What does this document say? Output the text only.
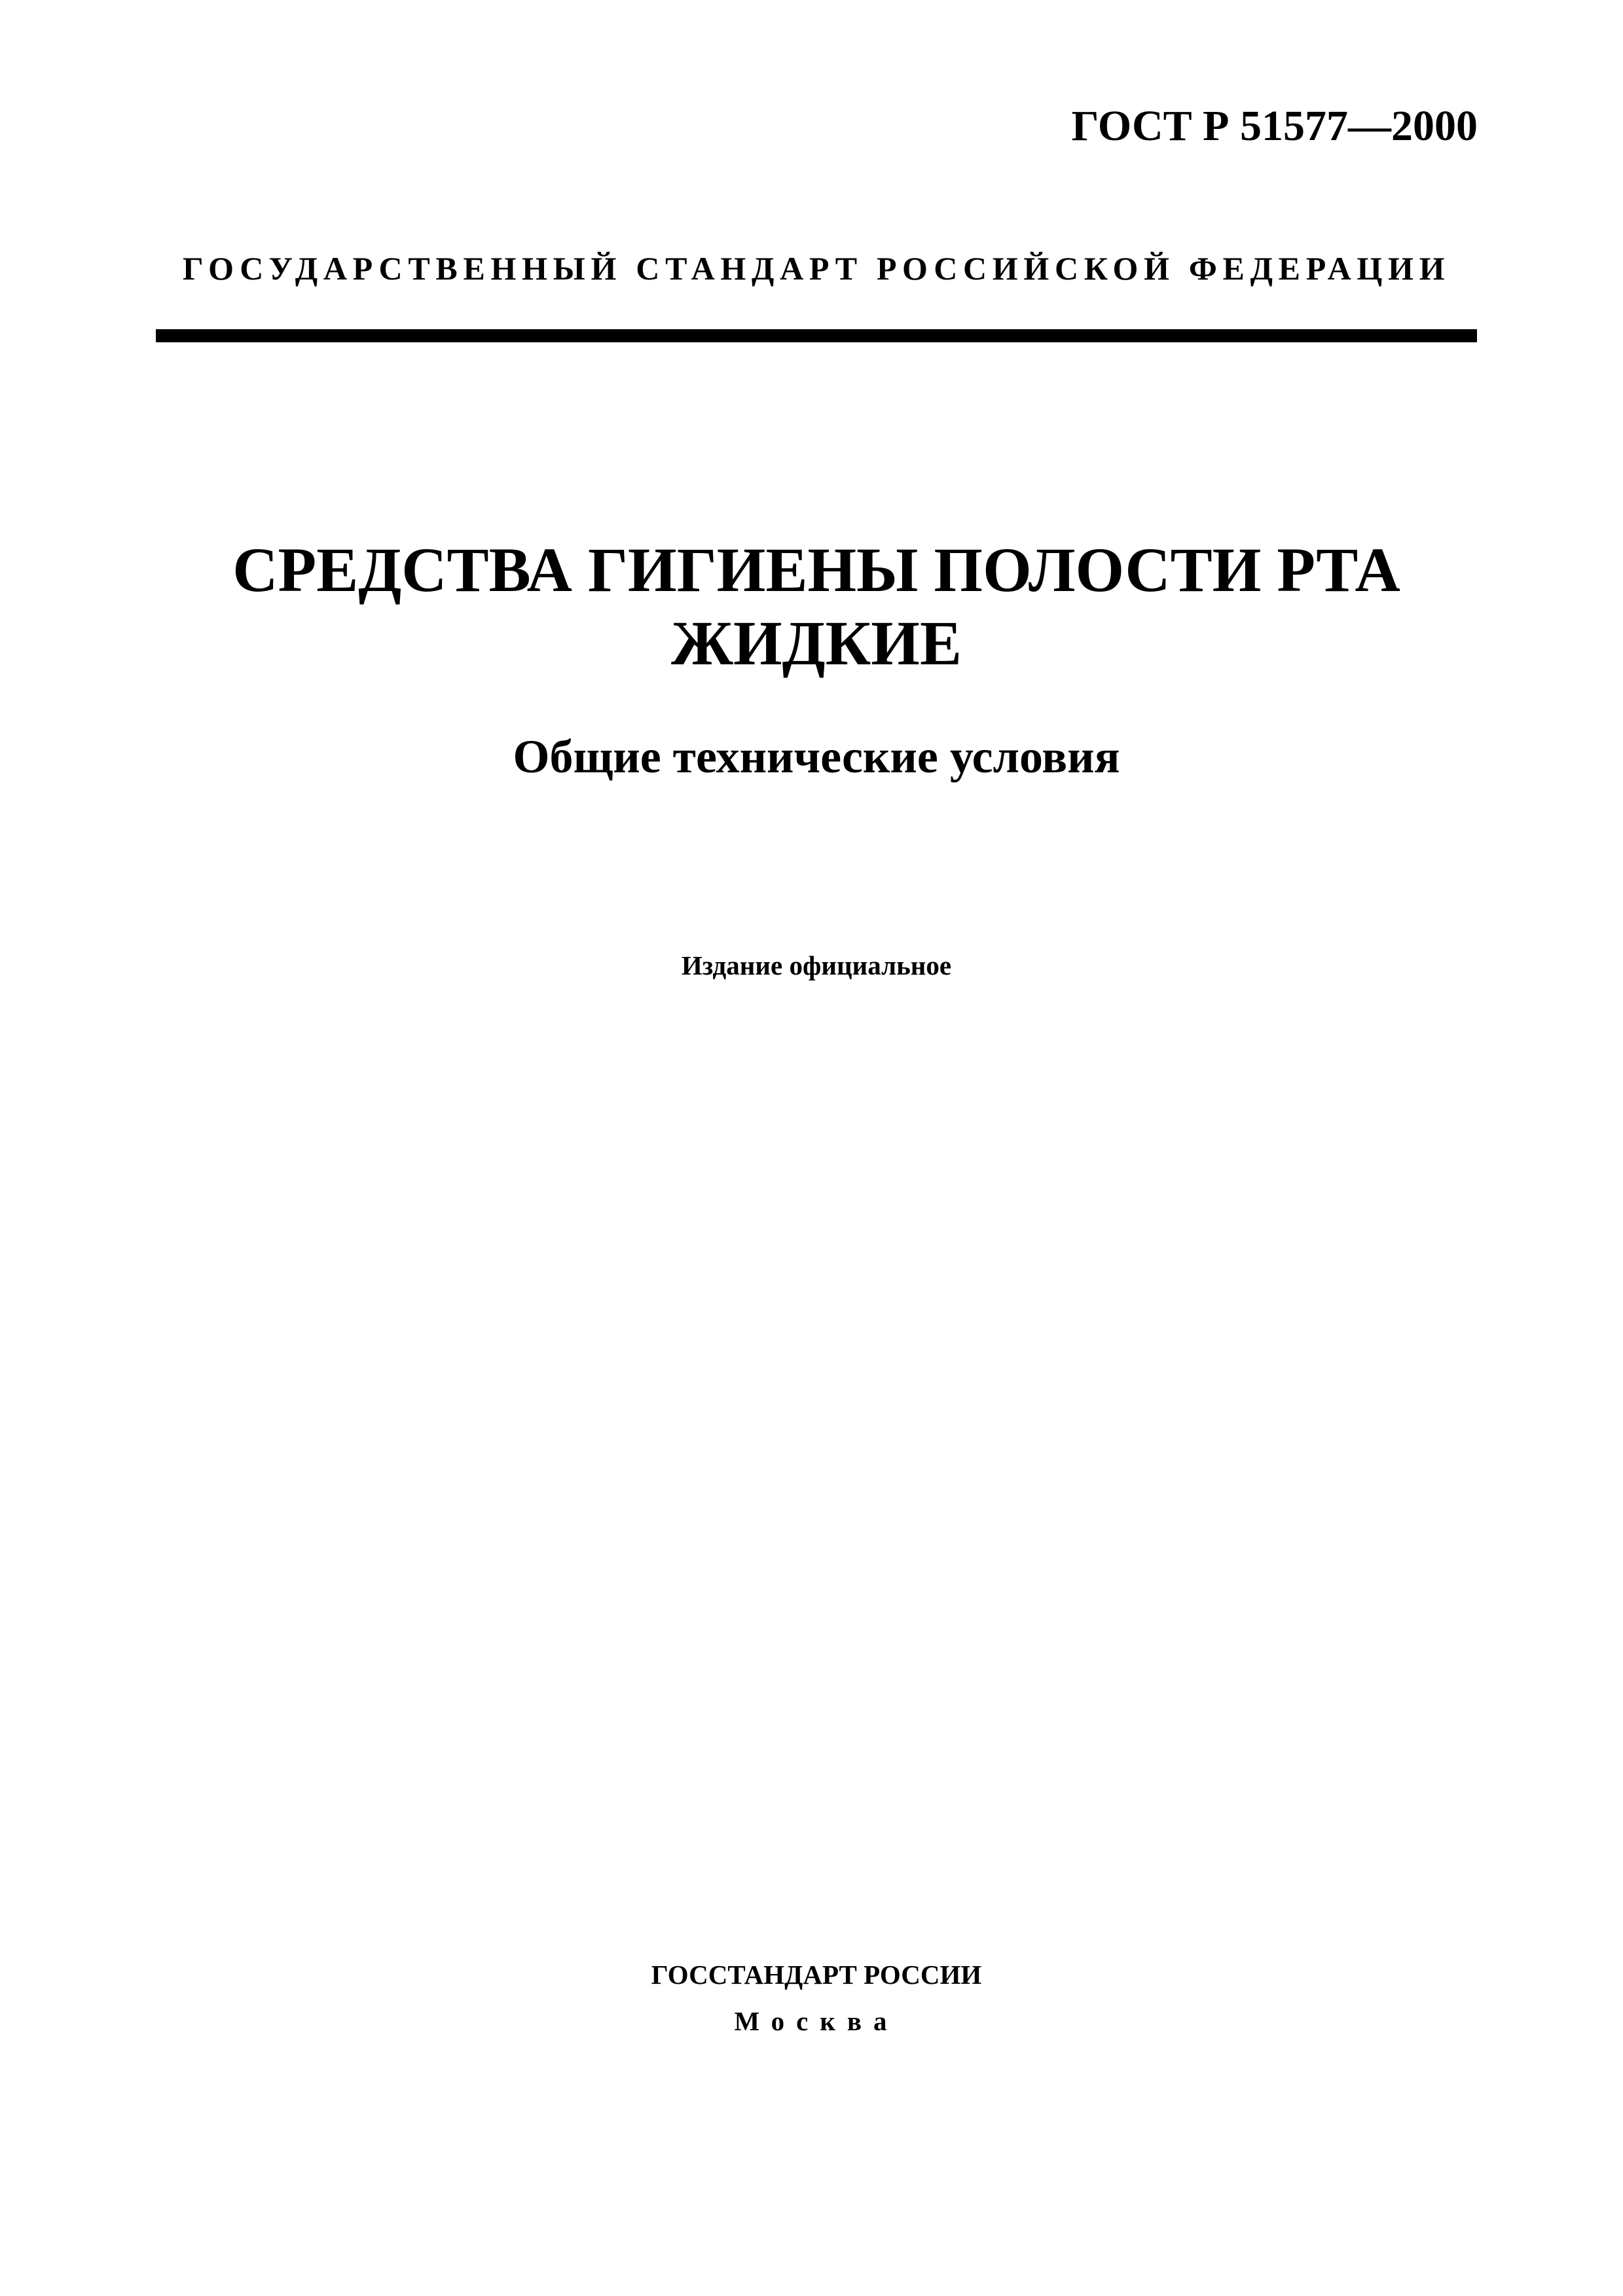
ГОСТ Р 51577—2000
ГОСУДАРСТВЕННЫЙ СТАНДАРТ РОССИЙСКОЙ ФЕДЕРАЦИИ
СРЕДСТВА ГИГИЕНЫ ПОЛОСТИ РТА
ЖИДКИЕ
Общие технические условия
Издание официальное
ГОССТАНДАРТ РОССИИ
Москва
